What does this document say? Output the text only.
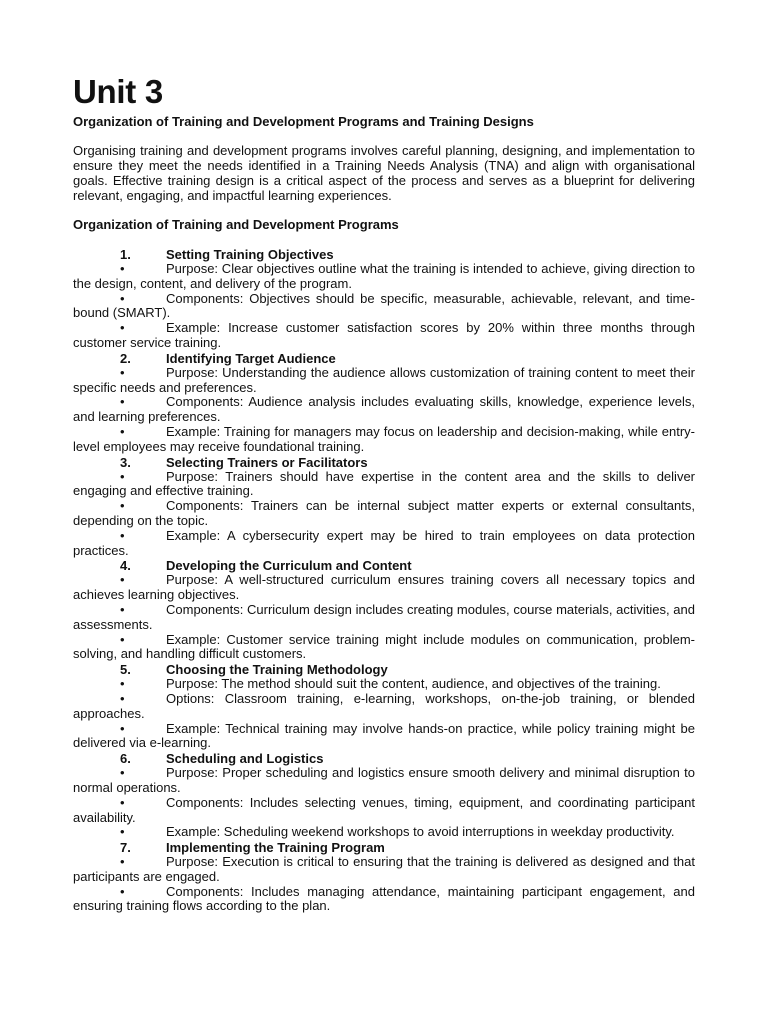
Unit 3

Organization of Training and Development Programs and Training Designs

Organising training and development programs involves careful planning, designing, and implementation to ensure they meet the needs identified in a Training Needs Analysis (TNA) and align with organisational goals. Effective training design is a critical aspect of the process and serves as a blueprint for delivering relevant, engaging, and impactful learning experiences.

Organization of Training and Development Programs

1.	Setting Training Objectives

•	Purpose: Clear objectives outline what the training is intended to achieve, giving direction to the design, content, and delivery of the program.

•	Components: Objectives should be specific, measurable, achievable, relevant, and time-bound (SMART).

•	Example: Increase customer satisfaction scores by 20% within three months through customer service training.

2.	Identifying Target Audience

•	Purpose: Understanding the audience allows customization of training content to meet their specific needs and preferences.

•	Components: Audience analysis includes evaluating skills, knowledge, experience levels, and learning preferences.

•	Example: Training for managers may focus on leadership and decision-making, while entry-level employees may receive foundational training.

3.	Selecting Trainers or Facilitators

•	Purpose: Trainers should have expertise in the content area and the skills to deliver engaging and effective training.

•	Components: Trainers can be internal subject matter experts or external consultants, depending on the topic.

•	Example: A cybersecurity expert may be hired to train employees on data protection practices.

4.	Developing the Curriculum and Content

•	Purpose: A well-structured curriculum ensures training covers all necessary topics and achieves learning objectives.

•	Components: Curriculum design includes creating modules, course materials, activities, and assessments.

•	Example: Customer service training might include modules on communication, problem-solving, and handling difficult customers.

5.	Choosing the Training Methodology

•	Purpose: The method should suit the content, audience, and objectives of the training.

•	Options: Classroom training, e-learning, workshops, on-the-job training, or blended approaches.

•	Example: Technical training may involve hands-on practice, while policy training might be delivered via e-learning.

6.	Scheduling and Logistics

•	Purpose: Proper scheduling and logistics ensure smooth delivery and minimal disruption to normal operations.

•	Components: Includes selecting venues, timing, equipment, and coordinating participant availability.

•	Example: Scheduling weekend workshops to avoid interruptions in weekday productivity.

7.	Implementing the Training Program

•	Purpose: Execution is critical to ensuring that the training is delivered as designed and that participants are engaged.

•	Components: Includes managing attendance, maintaining participant engagement, and ensuring training flows according to the plan.
